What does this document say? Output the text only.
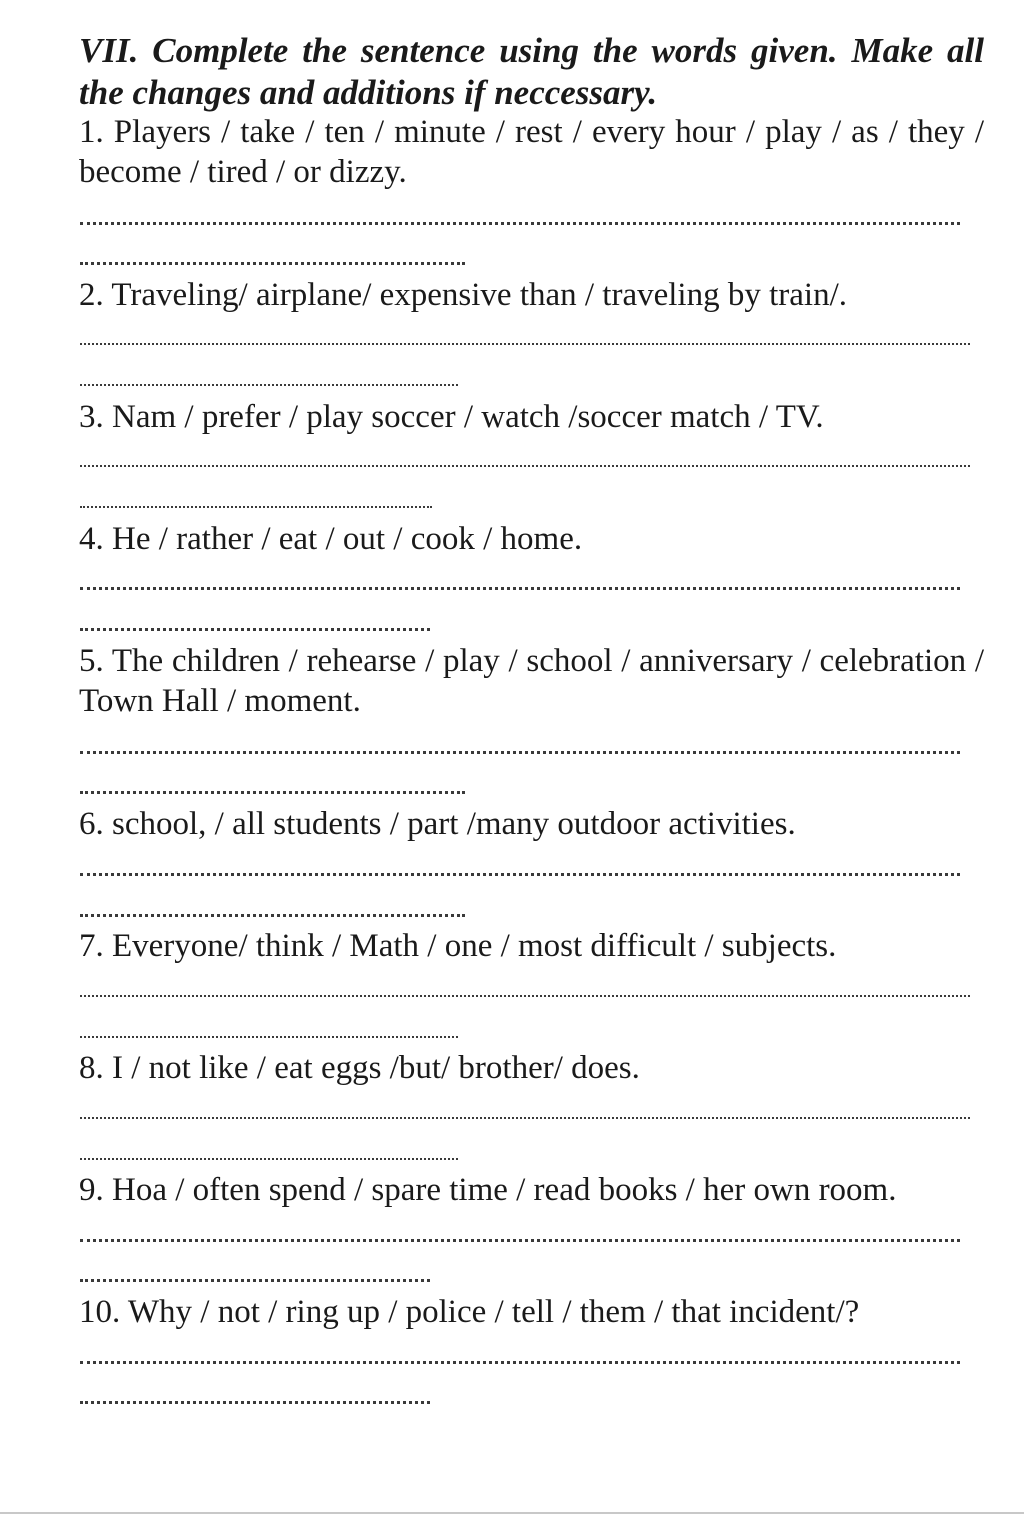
VII. Complete the sentence using the words given. Make all the changes and additions if neccessary.
1. Players / take / ten / minute / rest / every hour / play / as / they / become / tired / or dizzy.
2. Traveling/ airplane/ expensive than / traveling by train/.
3. Nam / prefer / play soccer / watch /soccer match / TV.
4. He / rather / eat / out / cook / home.
5. The children / rehearse / play / school / anniversary / celebration / Town Hall / moment.
6. school, / all students / part /many outdoor activities.
7. Everyone/ think / Math / one / most difficult / subjects.
8. I / not like / eat eggs /but/ brother/ does.
9. Hoa / often spend / spare time / read books / her own room.
10. Why / not / ring up / police / tell / them / that incident/?
